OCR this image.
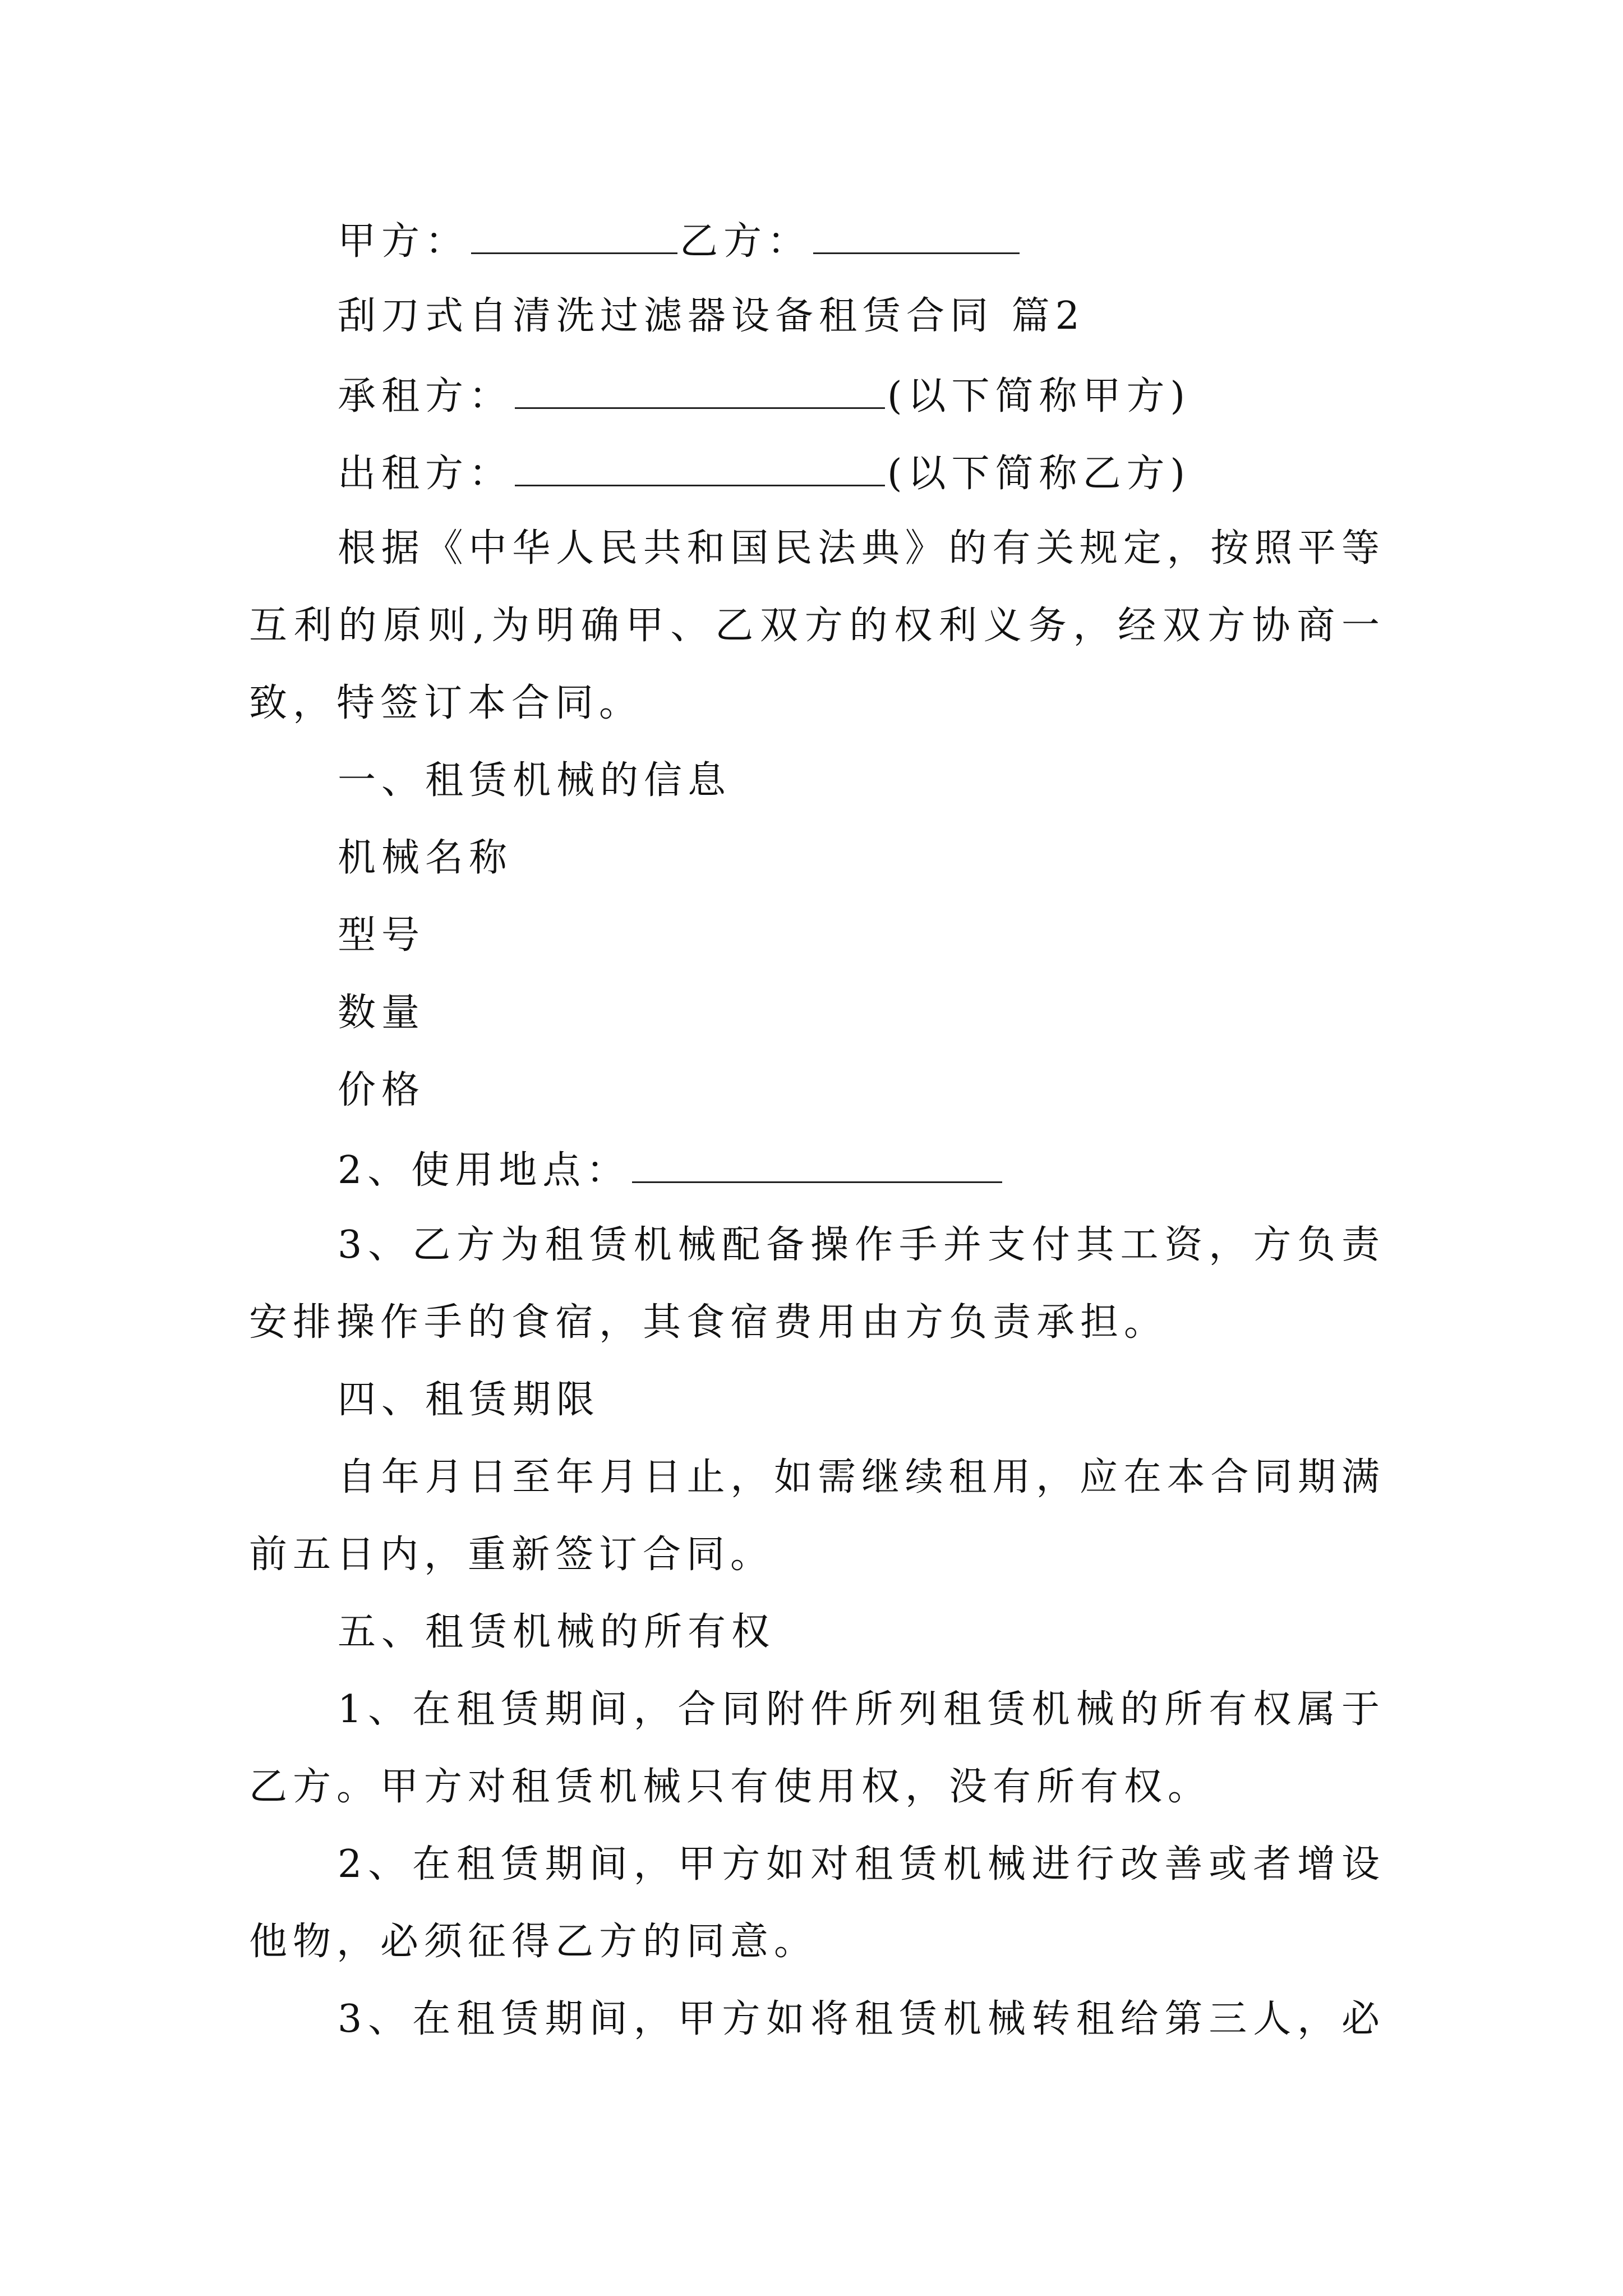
甲方：	乙方：
刮刀式自清洗过滤器设备租赁合同 篇2
承租方：	(以下简称甲方)
出租方：	(以下简称乙方)
根据《中华人民共和国民法典》的有关规定，按照平等
互利的原则,为明确甲、乙双方的权利义务，经双方协商一
致，特签订本合同。
一、租赁机械的信息
机械名称
型号
数量
价格
2、使用地点：
3、乙方为租赁机械配备操作手并支付其工资，方负责
安排操作手的食宿，其食宿费用由方负责承担。
四、租赁期限
自年月日至年月日止，如需继续租用，应在本合同期满
前五日内，重新签订合同。
五、租赁机械的所有权
1、在租赁期间，合同附件所列租赁机械的所有权属于
乙方。甲方对租赁机械只有使用权，没有所有权。
2、在租赁期间，甲方如对租赁机械进行改善或者增设
他物，必须征得乙方的同意。
3、在租赁期间，甲方如将租赁机械转租给第三人，必
